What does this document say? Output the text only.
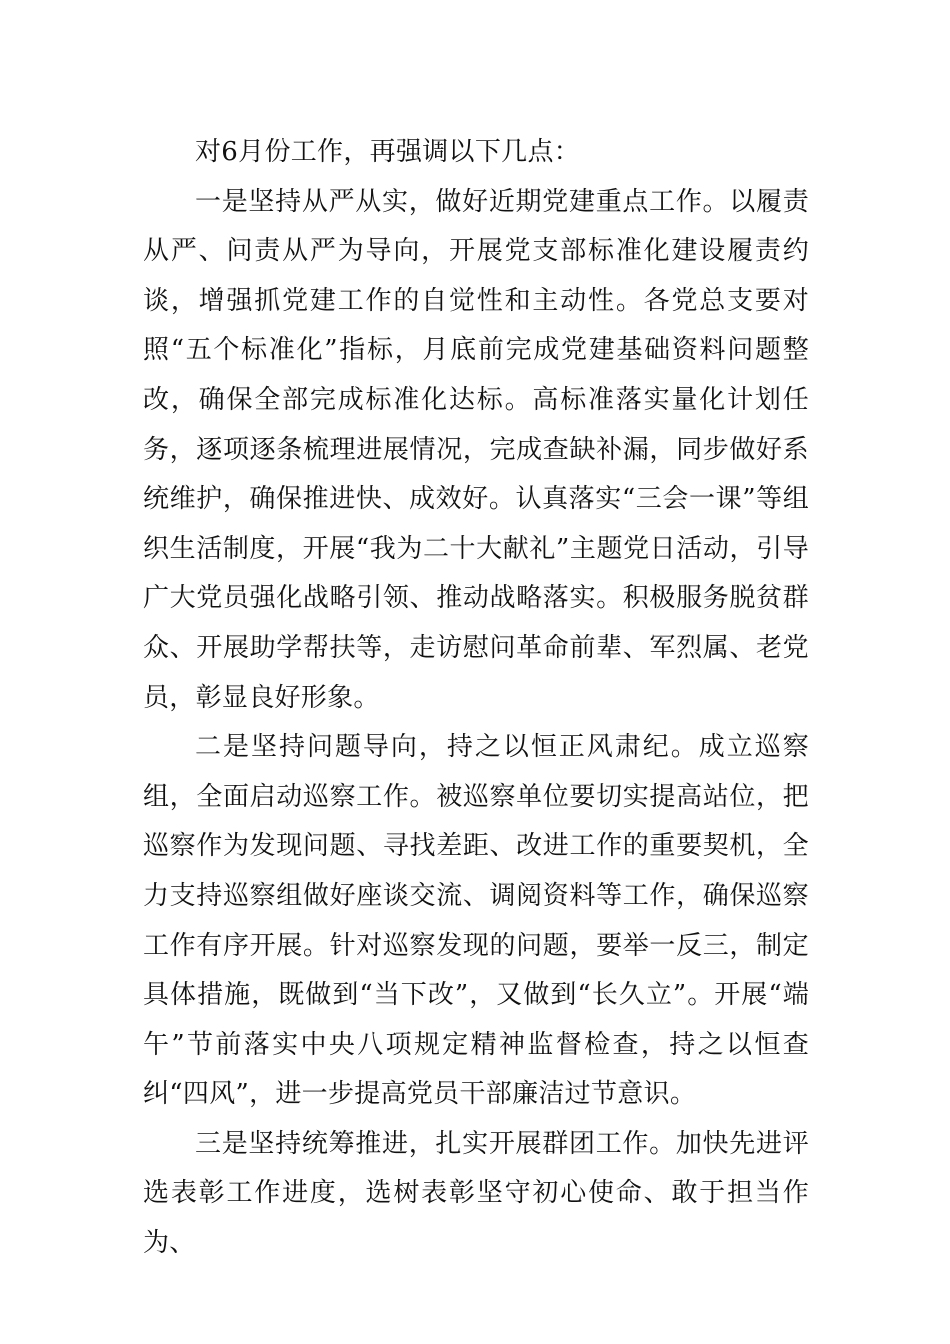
对6月份工作，再强调以下几点：

一是坚持从严从实，做好近期党建重点工作。以履责从严、问责从严为导向，开展党支部标准化建设履责约谈，增强抓党建工作的自觉性和主动性。各党总支要对照“五个标准化”指标，月底前完成党建基础资料问题整改，确保全部完成标准化达标。高标准落实量化计划任务，逐项逐条梳理进展情况，完成查缺补漏，同步做好系统维护，确保推进快、成效好。认真落实“三会一课”等组织生活制度，开展“我为二十大献礼”主题党日活动，引导广大党员强化战略引领、推动战略落实。积极服务脱贫群众、开展助学帮扶等，走访慰问革命前辈、军烈属、老党员，彰显良好形象。

二是坚持问题导向，持之以恒正风肃纪。成立巡察组，全面启动巡察工作。被巡察单位要切实提高站位，把巡察作为发现问题、寻找差距、改进工作的重要契机，全力支持巡察组做好座谈交流、调阅资料等工作，确保巡察工作有序开展。针对巡察发现的问题，要举一反三，制定具体措施，既做到“当下改”，又做到“长久立”。开展“端午”节前落实中央八项规定精神监督检查，持之以恒查纠“四风”，进一步提高党员干部廉洁过节意识。

三是坚持统筹推进，扎实开展群团工作。加快先进评选表彰工作进度，选树表彰坚守初心使命、敢于担当作为、
